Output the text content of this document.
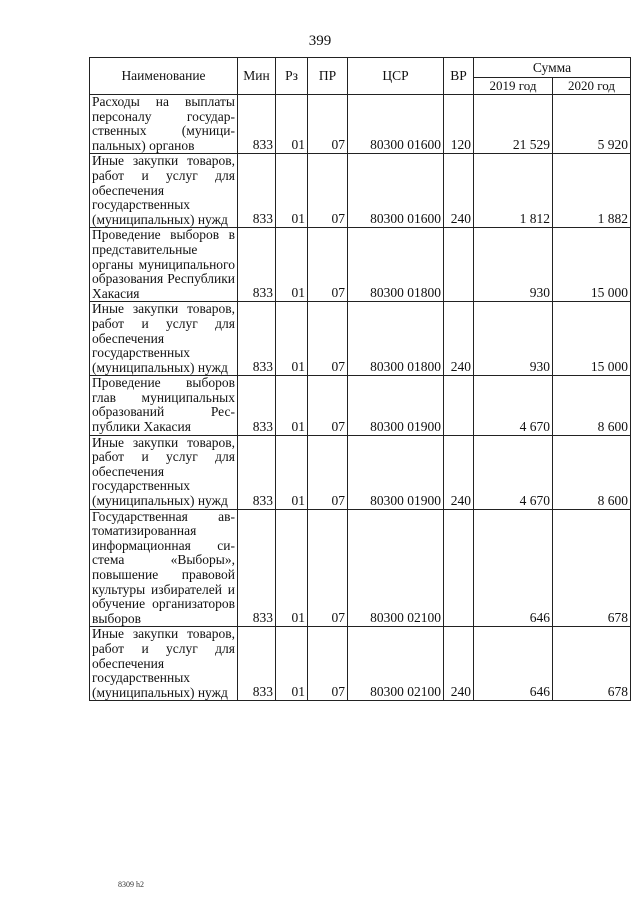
399
Наименование	Мин	Рз	ПР	ЦСР	ВР	Сумма	
						2019 год	2020 год
Расходы на выплаты персоналу государственных (муниципальных) органов	833	01	07	80300 01600	120	21 529	5 920
Иные закупки товаров, работ и услуг для обеспечения государственных (муниципальных) нужд	833	01	07	80300 01600	240	1 812	1 882
Проведение выборов в представительные органы муниципального образования Республики Хакасия	833	01	07	80300 01800		930	15 000
Иные закупки товаров, работ и услуг для обеспечения государственных (муниципальных) нужд	833	01	07	80300 01800	240	930	15 000
Проведение выборов глав муниципальных образований Республики Хакасия	833	01	07	80300 01900		4 670	8 600
Иные закупки товаров, работ и услуг для обеспечения государственных (муниципальных) нужд	833	01	07	80300 01900	240	4 670	8 600
Государственная автоматизированная информационная система «Выборы», повышение правовой культуры избирателей и обучение организаторов выборов	833	01	07	80300 02100		646	678
Иные закупки товаров, работ и услуг для обеспечения государственных (муниципальных) нужд	833	01	07	80300 02100	240	646	678
8309 h2
